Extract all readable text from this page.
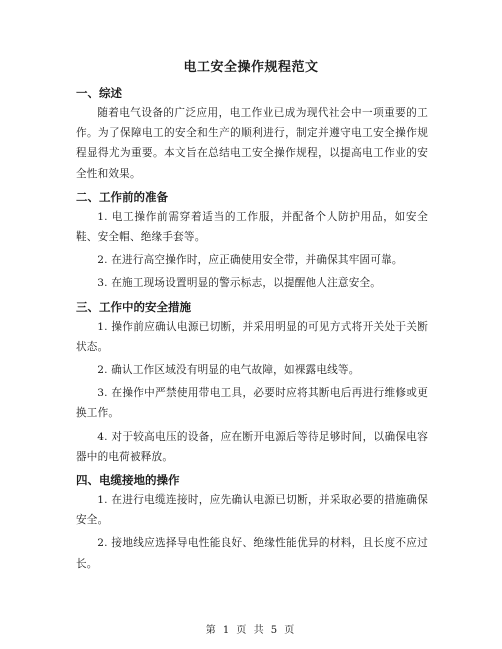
电工安全操作规程范文
一、综述

随着电气设备的广泛应用，电工作业已成为现代社会中一项重要的工作。为了保障电工的安全和生产的顺利进行，制定并遵守电工安全操作规程显得尤为重要。本文旨在总结电工安全操作规程，以提高电工作业的安全性和效果。

二、工作前的准备

1. 电工操作前需穿着适当的工作服，并配备个人防护用品，如安全鞋、安全帽、绝缘手套等。

2. 在进行高空操作时，应正确使用安全带，并确保其牢固可靠。

3. 在施工现场设置明显的警示标志，以提醒他人注意安全。

三、工作中的安全措施

1. 操作前应确认电源已切断，并采用明显的可见方式将开关处于关断状态。

2. 确认工作区域没有明显的电气故障，如裸露电线等。

3. 在操作中严禁使用带电工具，必要时应将其断电后再进行维修或更换工作。

4. 对于较高电压的设备，应在断开电源后等待足够时间，以确保电容器中的电荷被释放。

四、电缆接地的操作

1. 在进行电缆连接时，应先确认电源已切断，并采取必要的措施确保安全。

2. 接地线应选择导电性能良好、绝缘性能优异的材料，且长度不应过长。

第 1 页 共 5 页
